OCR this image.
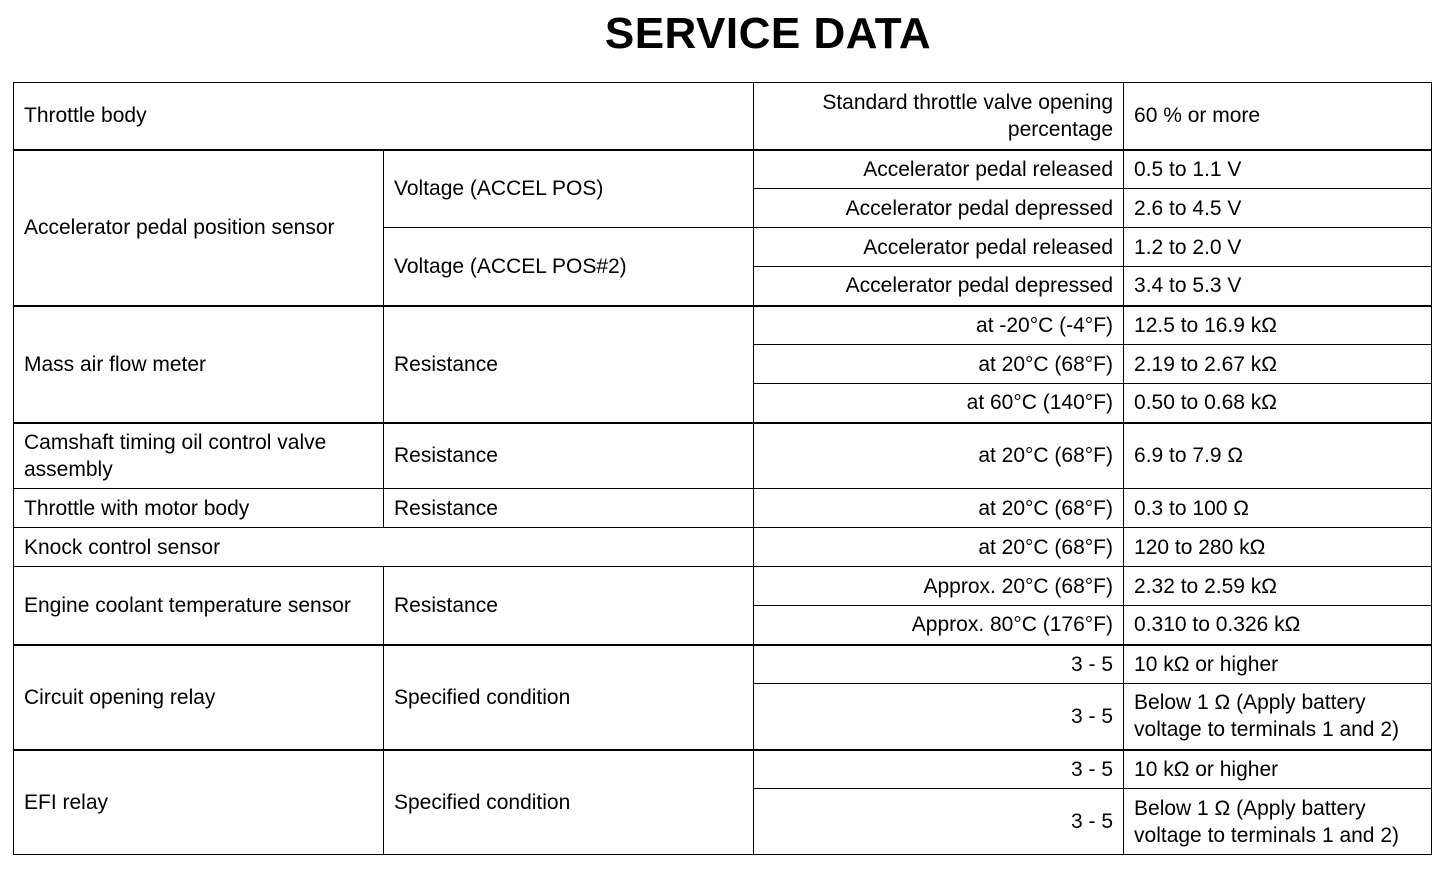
SERVICE DATA
Throttle body		Standard throttle valve opening percentage	60 % or more
Accelerator pedal position sensor	Voltage (ACCEL POS)	Accelerator pedal released	0.5 to 1.1 V
		Accelerator pedal depressed	2.6 to 4.5 V
	Voltage (ACCEL POS#2)	Accelerator pedal released	1.2 to 2.0 V
		Accelerator pedal depressed	3.4 to 5.3 V
Mass air flow meter	Resistance	at -20°C (-4°F)	12.5 to 16.9 kΩ
		at 20°C (68°F)	2.19 to 2.67 kΩ
		at 60°C (140°F)	0.50 to 0.68 kΩ
Camshaft timing oil control valve assembly	Resistance	at 20°C (68°F)	6.9 to 7.9 Ω
Throttle with motor body	Resistance	at 20°C (68°F)	0.3 to 100 Ω
Knock control sensor		at 20°C (68°F)	120 to 280 kΩ
Engine coolant temperature sensor	Resistance	Approx. 20°C (68°F)	2.32 to 2.59 kΩ
		Approx. 80°C (176°F)	0.310 to 0.326 kΩ
Circuit opening relay	Specified condition	3 - 5	10 kΩ or higher
		3 - 5	Below 1 Ω (Apply battery voltage to terminals 1 and 2)
EFI relay	Specified condition	3 - 5	10 kΩ or higher
		3 - 5	Below 1 Ω (Apply battery voltage to terminals 1 and 2)
